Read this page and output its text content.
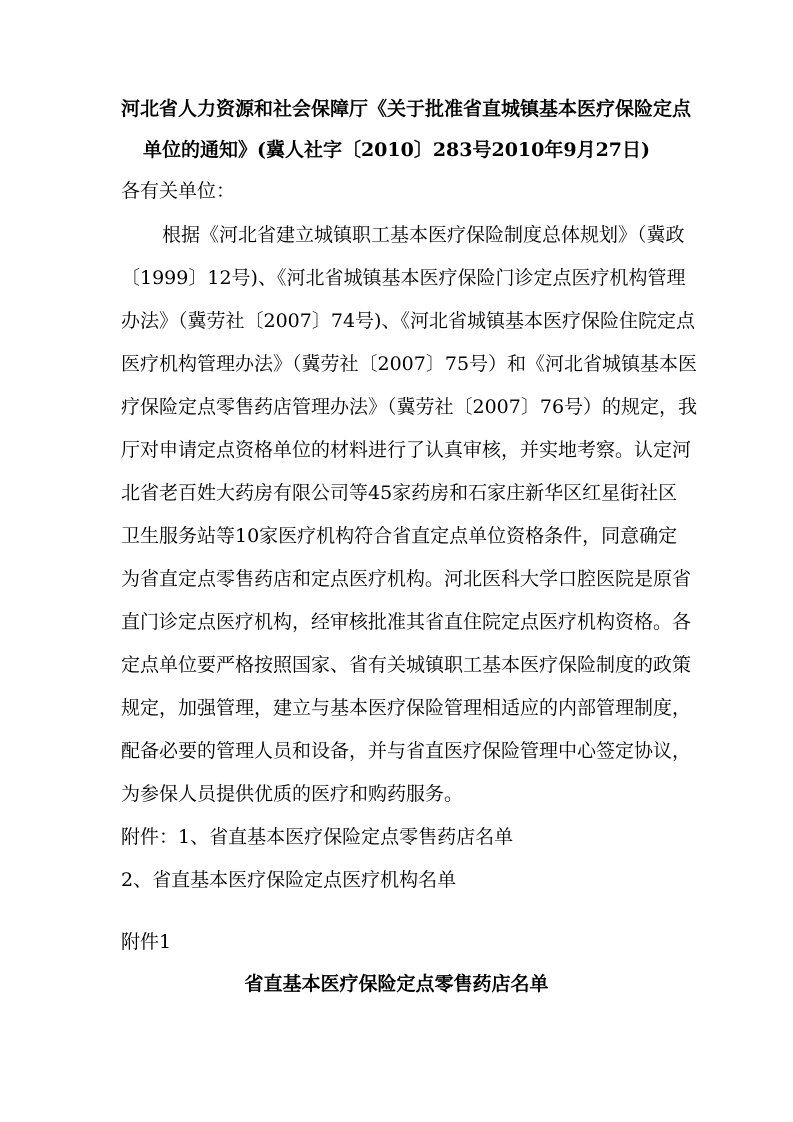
河北省人力资源和社会保障厅《关于批准省直城镇基本医疗保险定点
单位的通知》(冀人社字〔2010〕283号2010年9月27日)
各有关单位：
根据《河北省建立城镇职工基本医疗保险制度总体规划》（冀政
〔1999〕12号)、《河北省城镇基本医疗保险门诊定点医疗机构管理
办法》（冀劳社〔2007〕74号)、《河北省城镇基本医疗保险住院定点
医疗机构管理办法》（冀劳社〔2007〕75号）和《河北省城镇基本医
疗保险定点零售药店管理办法》（冀劳社〔2007〕76号）的规定，我
厅对申请定点资格单位的材料进行了认真审核，并实地考察。认定河
北省老百姓大药房有限公司等45家药房和石家庄新华区红星街社区
卫生服务站等10家医疗机构符合省直定点单位资格条件，同意确定
为省直定点零售药店和定点医疗机构。河北医科大学口腔医院是原省
直门诊定点医疗机构，经审核批准其省直住院定点医疗机构资格。各
定点单位要严格按照国家、省有关城镇职工基本医疗保险制度的政策
规定，加强管理，建立与基本医疗保险管理相适应的内部管理制度，
配备必要的管理人员和设备，并与省直医疗保险管理中心签定协议，
为参保人员提供优质的医疗和购药服务。
附件：1、省直基本医疗保险定点零售药店名单
2、省直基本医疗保险定点医疗机构名单
附件1
省直基本医疗保险定点零售药店名单
